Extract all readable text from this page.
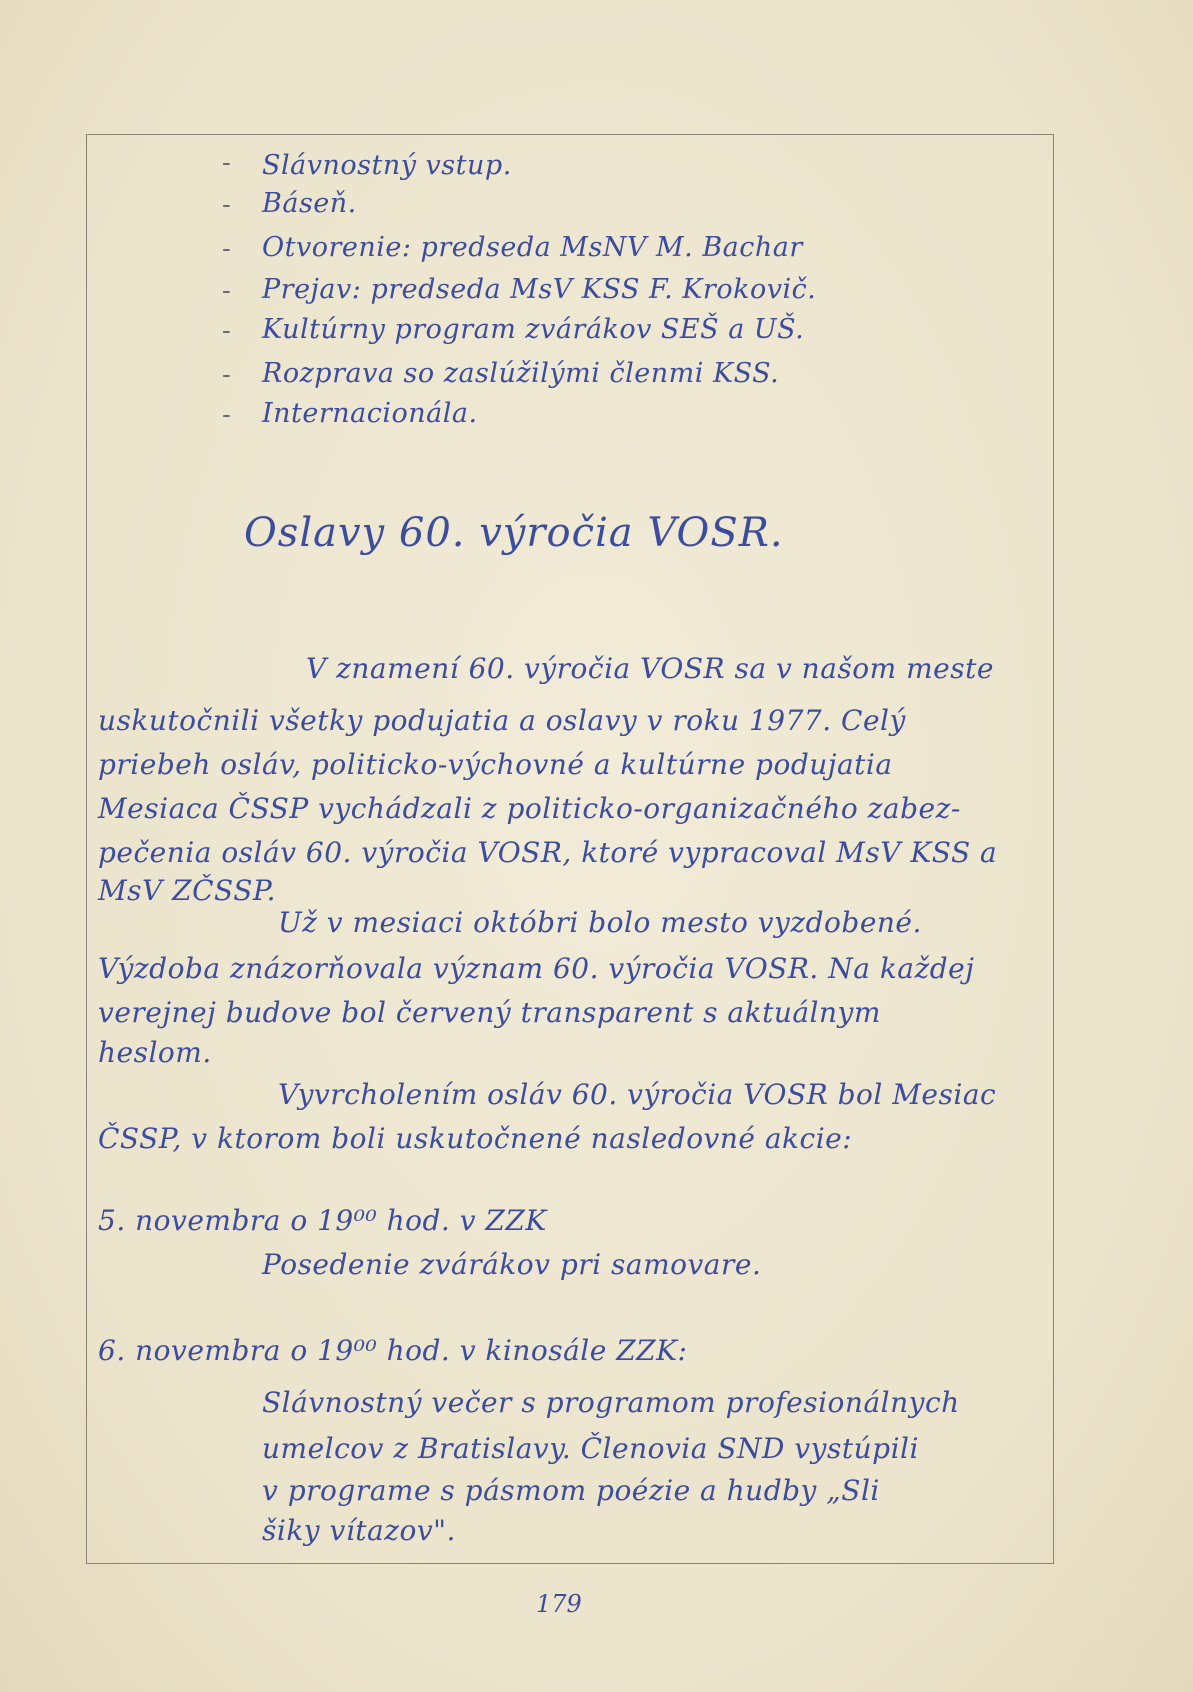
- Slávnostný vstup.
- Báseň.
- Otvorenie: predseda MsNV M. Bachar
- Prejav: predseda MsV KSS F. Krokovič.
- Kultúrny program zvárákov SEŠ a UŠ.
- Rozprava so zaslúžilými členmi KSS.
- Internacionála.
Oslavy 60. výročia VOSR.
V znamení 60. výročia VOSR sa v našom meste
uskutočnili všetky podujatia a oslavy v roku 1977. Celý
priebeh osláv, politicko-výchovné a kultúrne podujatia
Mesiaca ČSSP vychádzali z politicko-organizačného zabez-
pečenia osláv 60. výročia VOSR, ktoré vypracoval MsV KSS a
MsV ZČSSP.
Už v mesiaci októbri bolo mesto vyzdobené.
Výzdoba znázorňovala význam 60. výročia VOSR. Na každej
verejnej budove bol červený transparent s aktuálnym
heslom.
Vyvrcholením osláv 60. výročia VOSR bol Mesiac
ČSSP, v ktorom boli uskutočnené nasledovné akcie:
5. novembra o 19⁰⁰ hod. v ZZK
Posedenie zvárákov pri samovare.
6. novembra o 19⁰⁰ hod. v kinosále ZZK:
Slávnostný večer s programom profesionálnych
umelcov z Bratislavy. Členovia SND vystúpili
v programe s pásmom poézie a hudby „Sli
šiky vítazov".
179
